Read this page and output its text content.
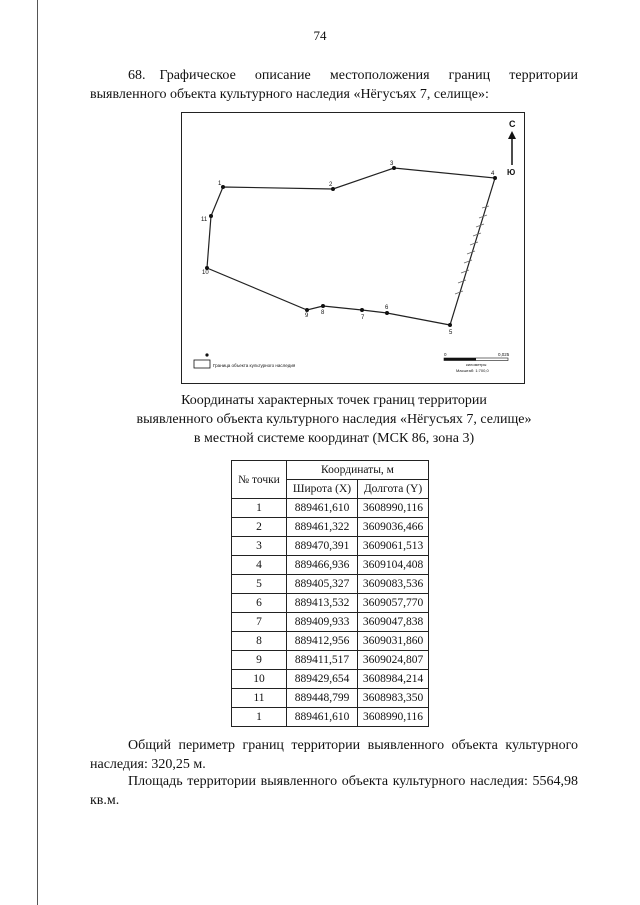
74
68. Графическое описание местоположения границ территории выявленного объекта культурного наследия «Нёгусъях 7, селище»:
1	2
3
4
5
6
7
8
9
10
11
С
Ю
Граница объекта культурного наследия
0	0,025
километры
Масштаб: 1:700,0
Координаты характерных точек границ территории
выявленного объекта культурного наследия «Нёгусъях 7, селище»
в местной системе координат (МСК 86, зона 3)
№ точки	Координаты, м	
	Широта (X)	Долгота (Y)
1	889461,610	3608990,116
2	889461,322	3609036,466
3	889470,391	3609061,513
4	889466,936	3609104,408
5	889405,327	3609083,536
6	889413,532	3609057,770
7	889409,933	3609047,838
8	889412,956	3609031,860
9	889411,517	3609024,807
10	889429,654	3608984,214
11	889448,799	3608983,350
1	889461,610	3608990,116
Общий периметр границ территории выявленного объекта культурного наследия: 320,25 м.
Площадь территории выявленного объекта культурного наследия: 5564,98 кв.м.
